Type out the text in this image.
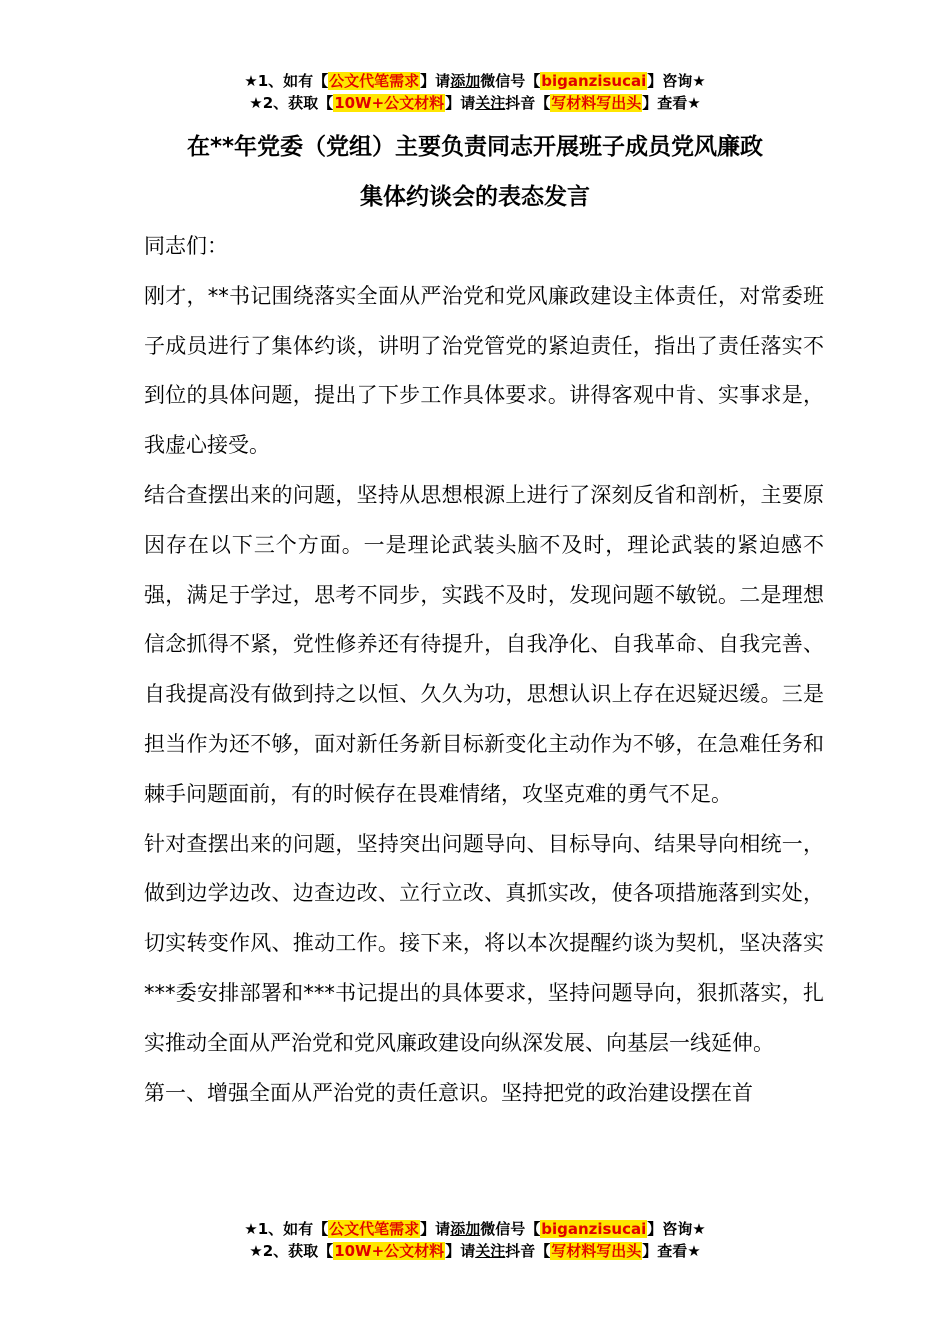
★1、如有【公文代笔需求】请添加微信号【biganzisucai】咨询★
★2、获取【10W+公文材料】请关注抖音【写材料写出头】查看★
在**年党委（党组）主要负责同志开展班子成员党风廉政
集体约谈会的表态发言

同志们：

刚才，**书记围绕落实全面从严治党和党风廉政建设主体责任，对常委班子成员进行了集体约谈，讲明了治党管党的紧迫责任，指出了责任落实不到位的具体问题，提出了下步工作具体要求。讲得客观中肯、实事求是，我虚心接受。

结合查摆出来的问题，坚持从思想根源上进行了深刻反省和剖析，主要原因存在以下三个方面。一是理论武装头脑不及时，理论武装的紧迫感不强，满足于学过，思考不同步，实践不及时，发现问题不敏锐。二是理想信念抓得不紧，党性修养还有待提升，自我净化、自我革命、自我完善、自我提高没有做到持之以恒、久久为功，思想认识上存在迟疑迟缓。三是担当作为还不够，面对新任务新目标新变化主动作为不够，在急难任务和棘手问题面前，有的时候存在畏难情绪，攻坚克难的勇气不足。

针对查摆出来的问题，坚持突出问题导向、目标导向、结果导向相统一，做到边学边改、边查边改、立行立改、真抓实改，使各项措施落到实处，切实转变作风、推动工作。接下来，将以本次提醒约谈为契机，坚决落实***委安排部署和***书记提出的具体要求，坚持问题导向，狠抓落实，扎实推动全面从严治党和党风廉政建设向纵深发展、向基层一线延伸。

第一、增强全面从严治党的责任意识。坚持把党的政治建设摆在首

★1、如有【公文代笔需求】请添加微信号【biganzisucai】咨询★
★2、获取【10W+公文材料】请关注抖音【写材料写出头】查看★
